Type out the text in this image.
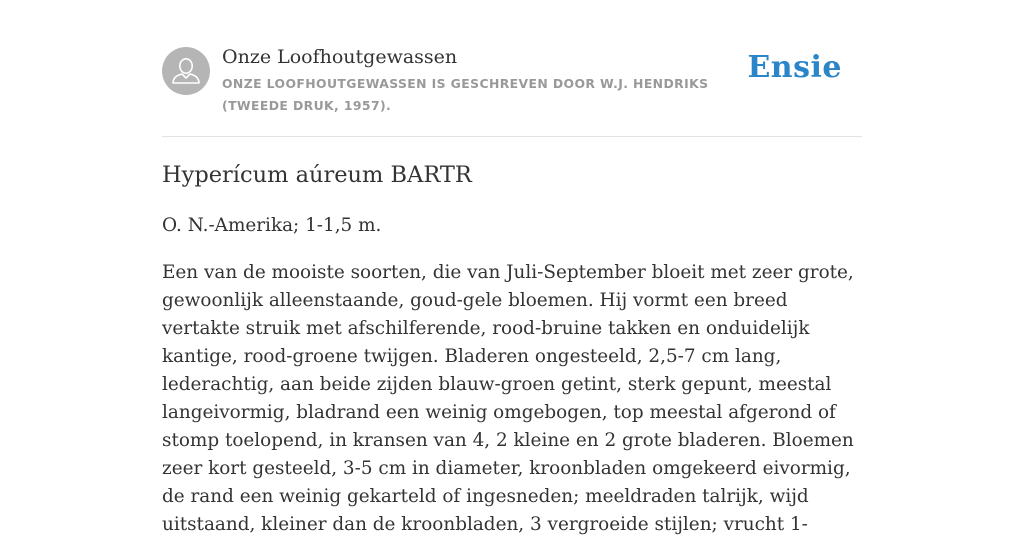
Onze Loofhoutgewassen
ONZE LOOFHOUTGEWASSEN IS GESCHREVEN DOOR W.J. HENDRIKS (TWEEDE DRUK, 1957).
Ensie
Hyperícum aúreum BARTR

O. N.-Amerika; 1-1,5 m.

Een van de mooiste soorten, die van Juli-September bloeit met zeer grote, gewoonlijk alleenstaande, goud-gele bloemen. Hij vormt een breed vertakte struik met afschilferende, rood-bruine takken en onduidelijk kantige, rood-groene twijgen. Bladeren ongesteeld, 2,5-7 cm lang, lederachtig, aan beide zijden blauw-groen getint, sterk gepunt, meestal langeivormig, bladrand een weinig omgebogen, top meestal afgerond of stomp toelopend, in kransen van 4, 2 kleine en 2 grote bladeren. Bloemen zeer kort gesteeld, 3-5 cm in diameter, kroonbladen omgekeerd eivormig, de rand een weinig gekarteld of ingesneden; meeldraden talrijk, wijd uitstaand, kleiner dan de kroonbladen, 3 vergroeide stijlen; vrucht 1-
